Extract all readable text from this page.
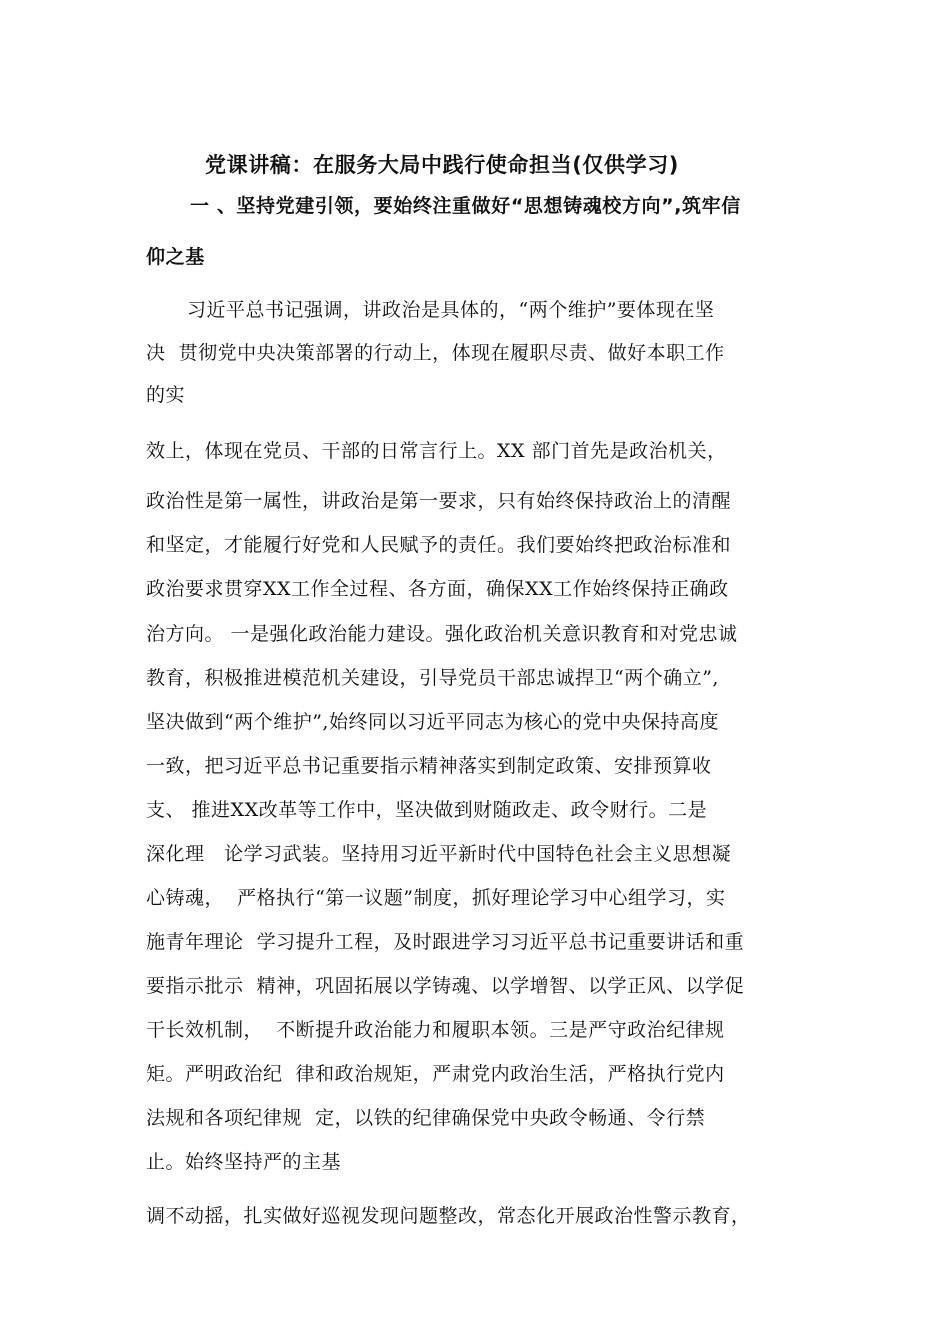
党课讲稿：在服务大局中践行使命担当(仅供学习)
一 、坚持党建引领，要始终注重做好“思想铸魂校方向”,筑牢信
仰之基
习近平总书记强调，讲政治是具体的，“两个维护”要体现在坚
决  贯彻党中央决策部署的行动上，体现在履职尽责、做好本职工作
的实
效上，体现在党员、干部的日常言行上。XX 部门首先是政治机关，
政治性是第一属性，讲政治是第一要求，只有始终保持政治上的清醒
和坚定，才能履行好党和人民赋予的责任。我们要始终把政治标准和
政治要求贯穿XX工作全过程、各方面，确保XX工作始终保持正确政
治方向。 一是强化政治能力建设。强化政治机关意识教育和对党忠诚
教育，积极推进模范机关建设，引导党员干部忠诚捍卫“两个确立”,
坚决做到“两个维护”,始终同以习近平同志为核心的党中央保持高度
一致，把习近平总书记重要指示精神落实到制定政策、安排预算收
支、 推进XX改革等工作中，坚决做到财随政走、政令财行。二是
深化理   论学习武装。坚持用习近平新时代中国特色社会主义思想凝
心铸魂，  严格执行“第一议题”制度，抓好理论学习中心组学习，实
施青年理论  学习提升工程，及时跟进学习习近平总书记重要讲话和重
要指示批示  精神，巩固拓展以学铸魂、以学增智、以学正风、以学促
干长效机制，  不断提升政治能力和履职本领。三是严守政治纪律规
矩。严明政治纪  律和政治规矩，严肃党内政治生活，严格执行党内
法规和各项纪律规  定，以铁的纪律确保党中央政令畅通、令行禁
止。始终坚持严的主基
调不动摇，扎实做好巡视发现问题整改，常态化开展政治性警示教育，
